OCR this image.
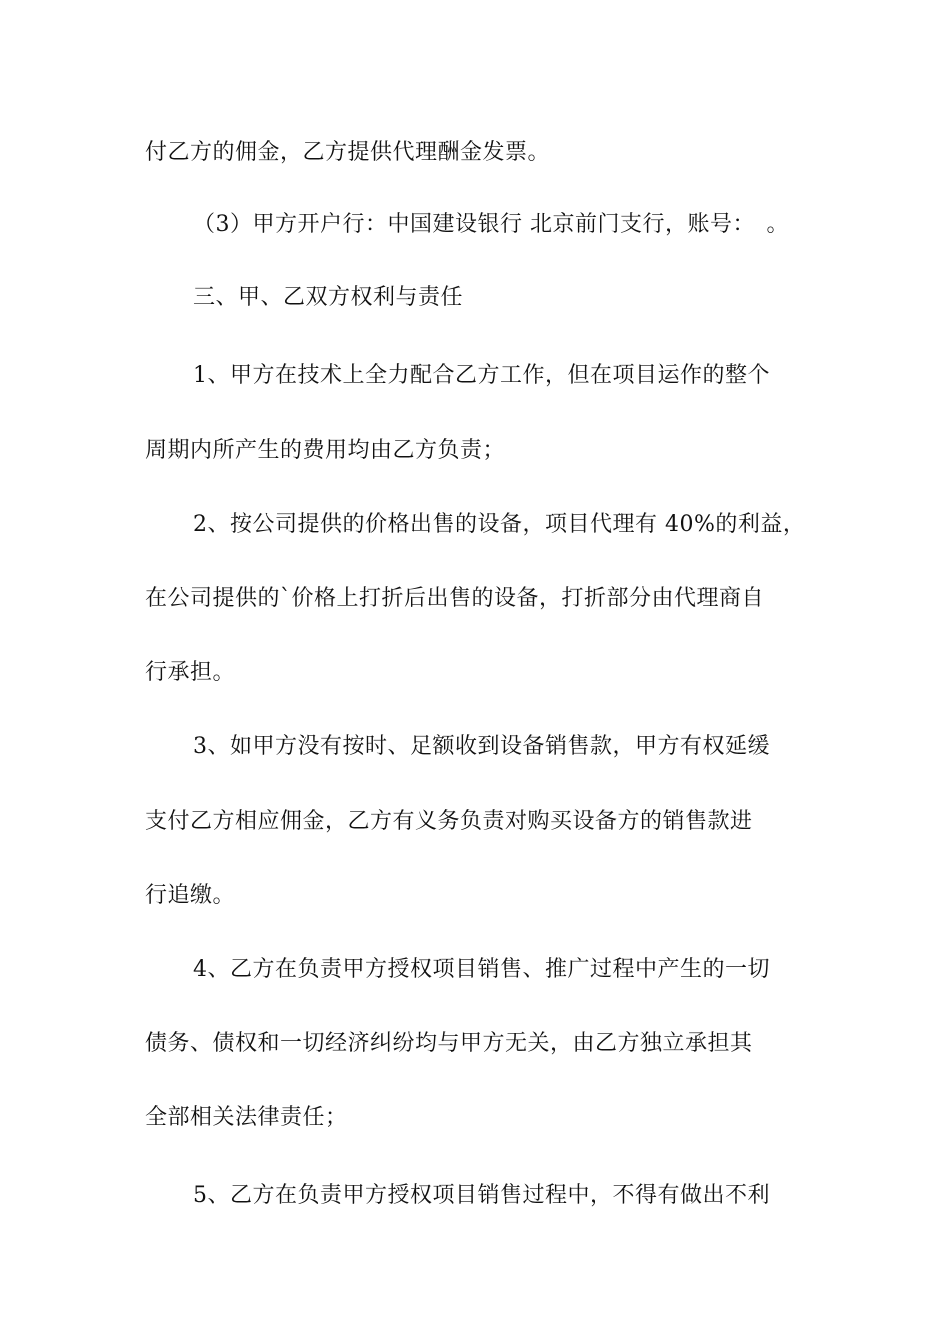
付乙方的佣金，乙方提供代理酬金发票。
（3）甲方开户行：中国建设银行 北京前门支行，账号：　。
三、甲、乙双方权利与责任
1、甲方在技术上全力配合乙方工作，但在项目运作的整个
周期内所产生的费用均由乙方负责；
2、按公司提供的价格出售的设备，项目代理有 40%的利益，
在公司提供的`价格上打折后出售的设备，打折部分由代理商自
行承担。
3、如甲方没有按时、足额收到设备销售款，甲方有权延缓
支付乙方相应佣金，乙方有义务负责对购买设备方的销售款进
行追缴。
4、乙方在负责甲方授权项目销售、推广过程中产生的一切
债务、债权和一切经济纠纷均与甲方无关，由乙方独立承担其
全部相关法律责任；
5、乙方在负责甲方授权项目销售过程中，不得有做出不利
